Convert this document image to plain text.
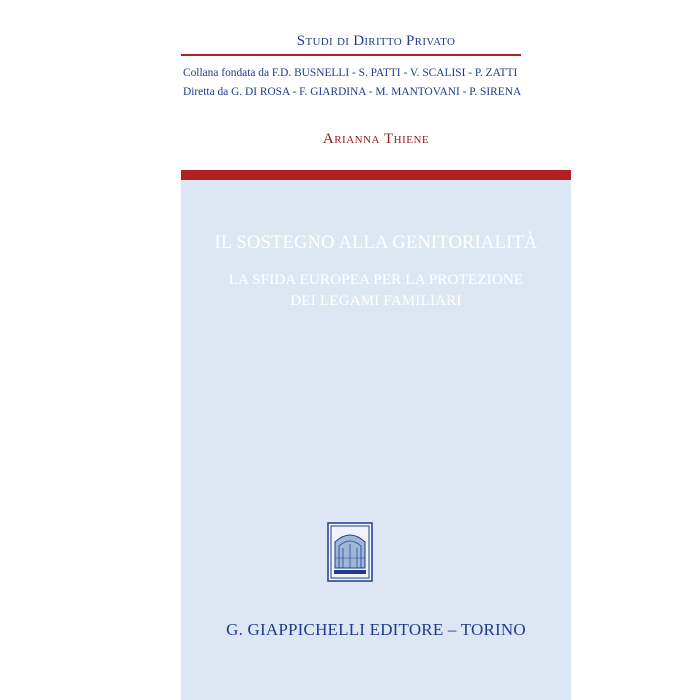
Studi di Diritto Privato
Collana fondata da F.D. BUSNELLI - S. PATTI - V. SCALISI - P. ZATTI
Diretta da G. DI ROSA - F. GIARDINA - M. MANTOVANI - P. SIRENA
Arianna Thiene
IL SOSTEGNO ALLA GENITORIALITÀ
LA SFIDA EUROPEA PER LA PROTEZIONE
DEI LEGAMI FAMILIARI
G. GIAPPICHELLI EDITORE – TORINO
